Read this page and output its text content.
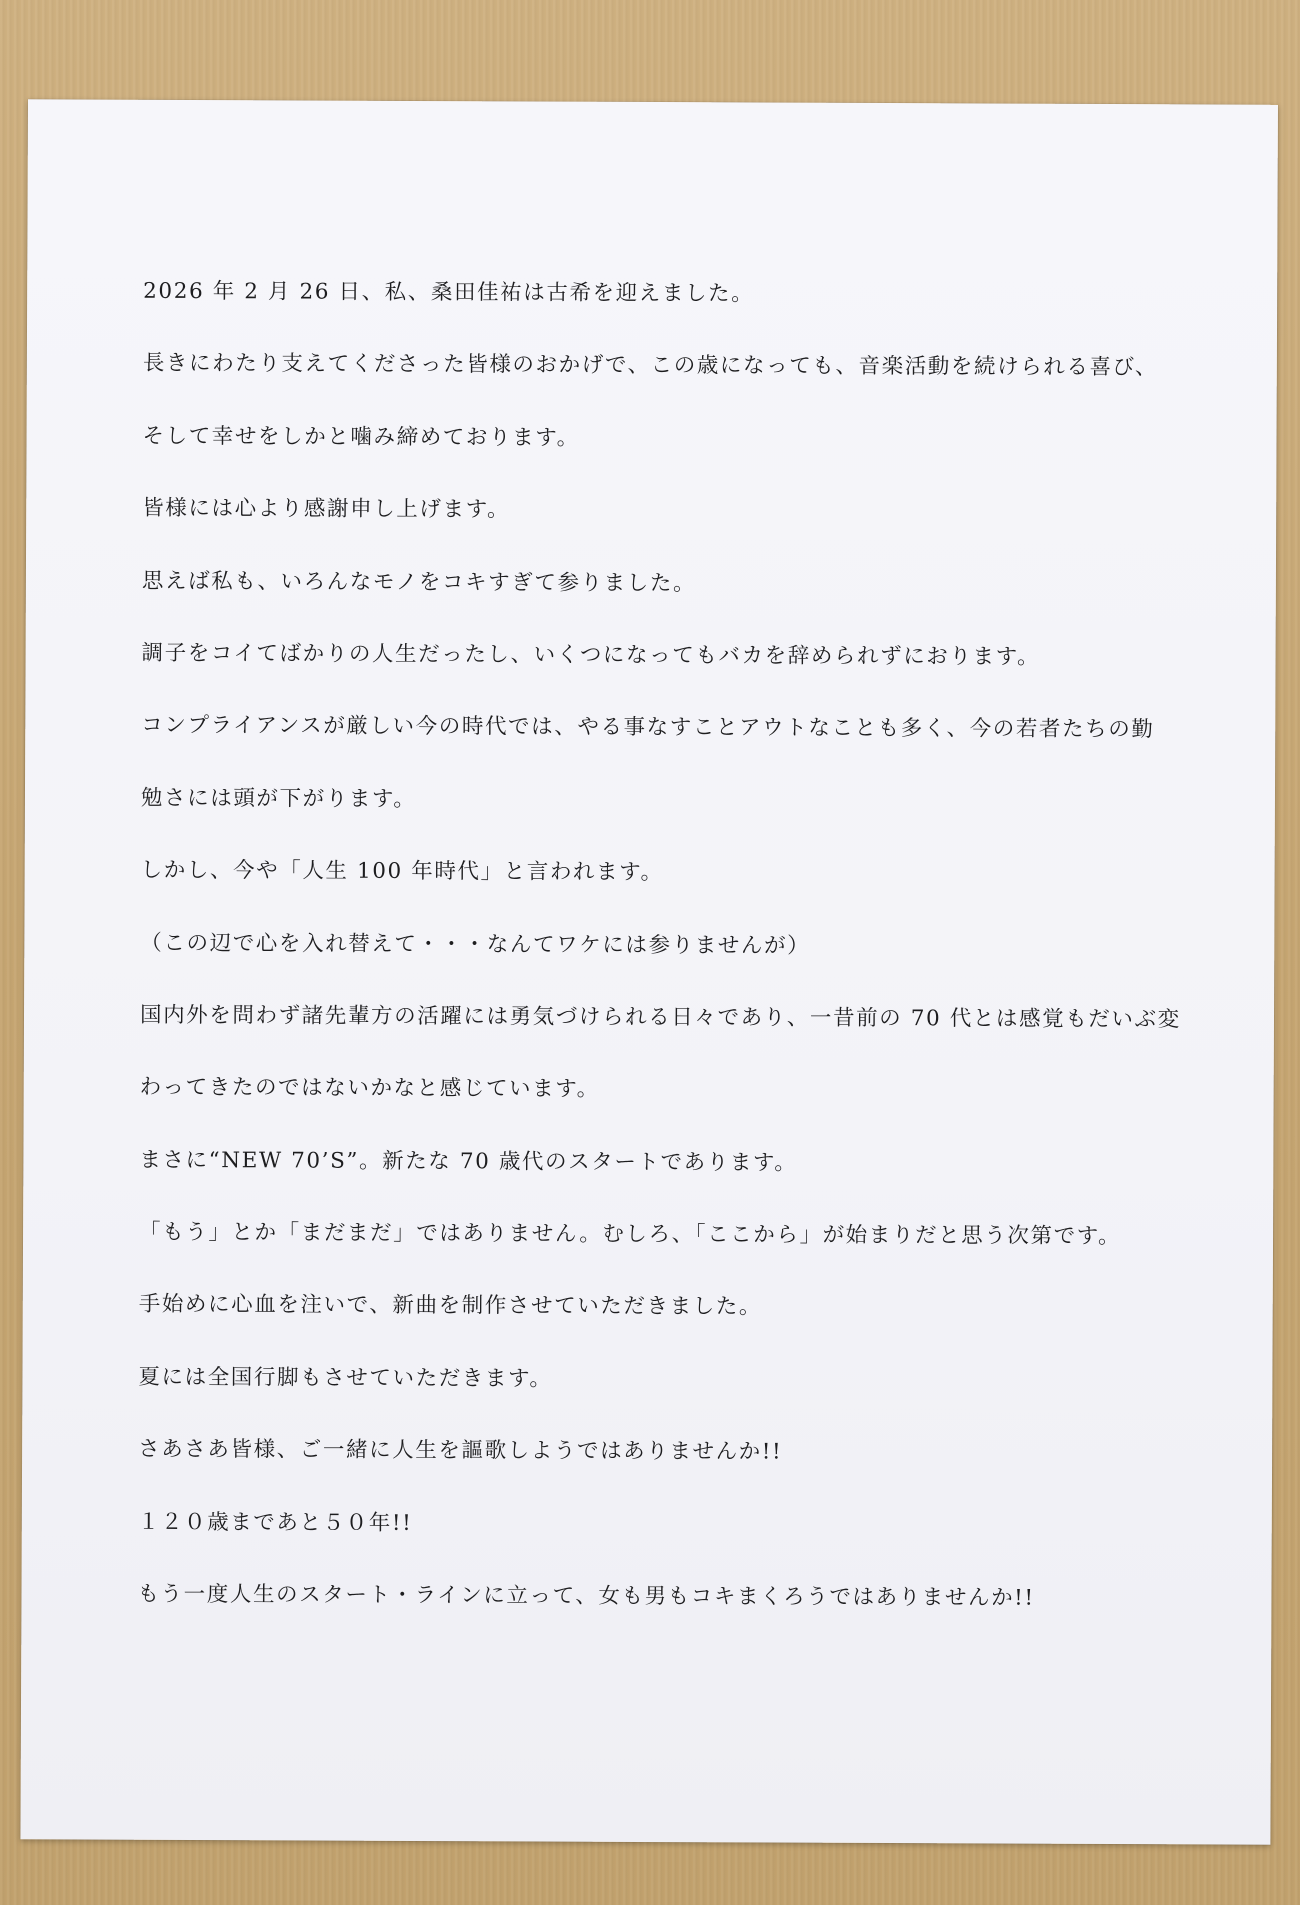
2026 年 2 月 26 日、私、桑田佳祐は古希を迎えました。
長きにわたり支えてくださった皆様のおかげで、この歳になっても、音楽活動を続けられる喜び、
そして幸せをしかと噛み締めております。
皆様には心より感謝申し上げます。
思えば私も、いろんなモノをコキすぎて参りました。
調子をコイてばかりの人生だったし、いくつになってもバカを辞められずにおります。
コンプライアンスが厳しい今の時代では、やる事なすことアウトなことも多く、今の若者たちの勤
勉さには頭が下がります。
しかし、今や「人生 100 年時代」と言われます。
（この辺で心を入れ替えて・・・なんてワケには参りませんが）
国内外を問わず諸先輩方の活躍には勇気づけられる日々であり、一昔前の 70 代とは感覚もだいぶ変
わってきたのではないかなと感じています。
まさに“NEW 70’S”。新たな 70 歳代のスタートであります。
「もう」とか「まだまだ」ではありません。むしろ、「ここから」が始まりだと思う次第です。
手始めに心血を注いで、新曲を制作させていただきました。
夏には全国行脚もさせていただきます。
さあさあ皆様、ご一緒に人生を謳歌しようではありませんか!!
１２０歳まであと５０年!!
もう一度人生のスタート・ラインに立って、女も男もコキまくろうではありませんか!!
